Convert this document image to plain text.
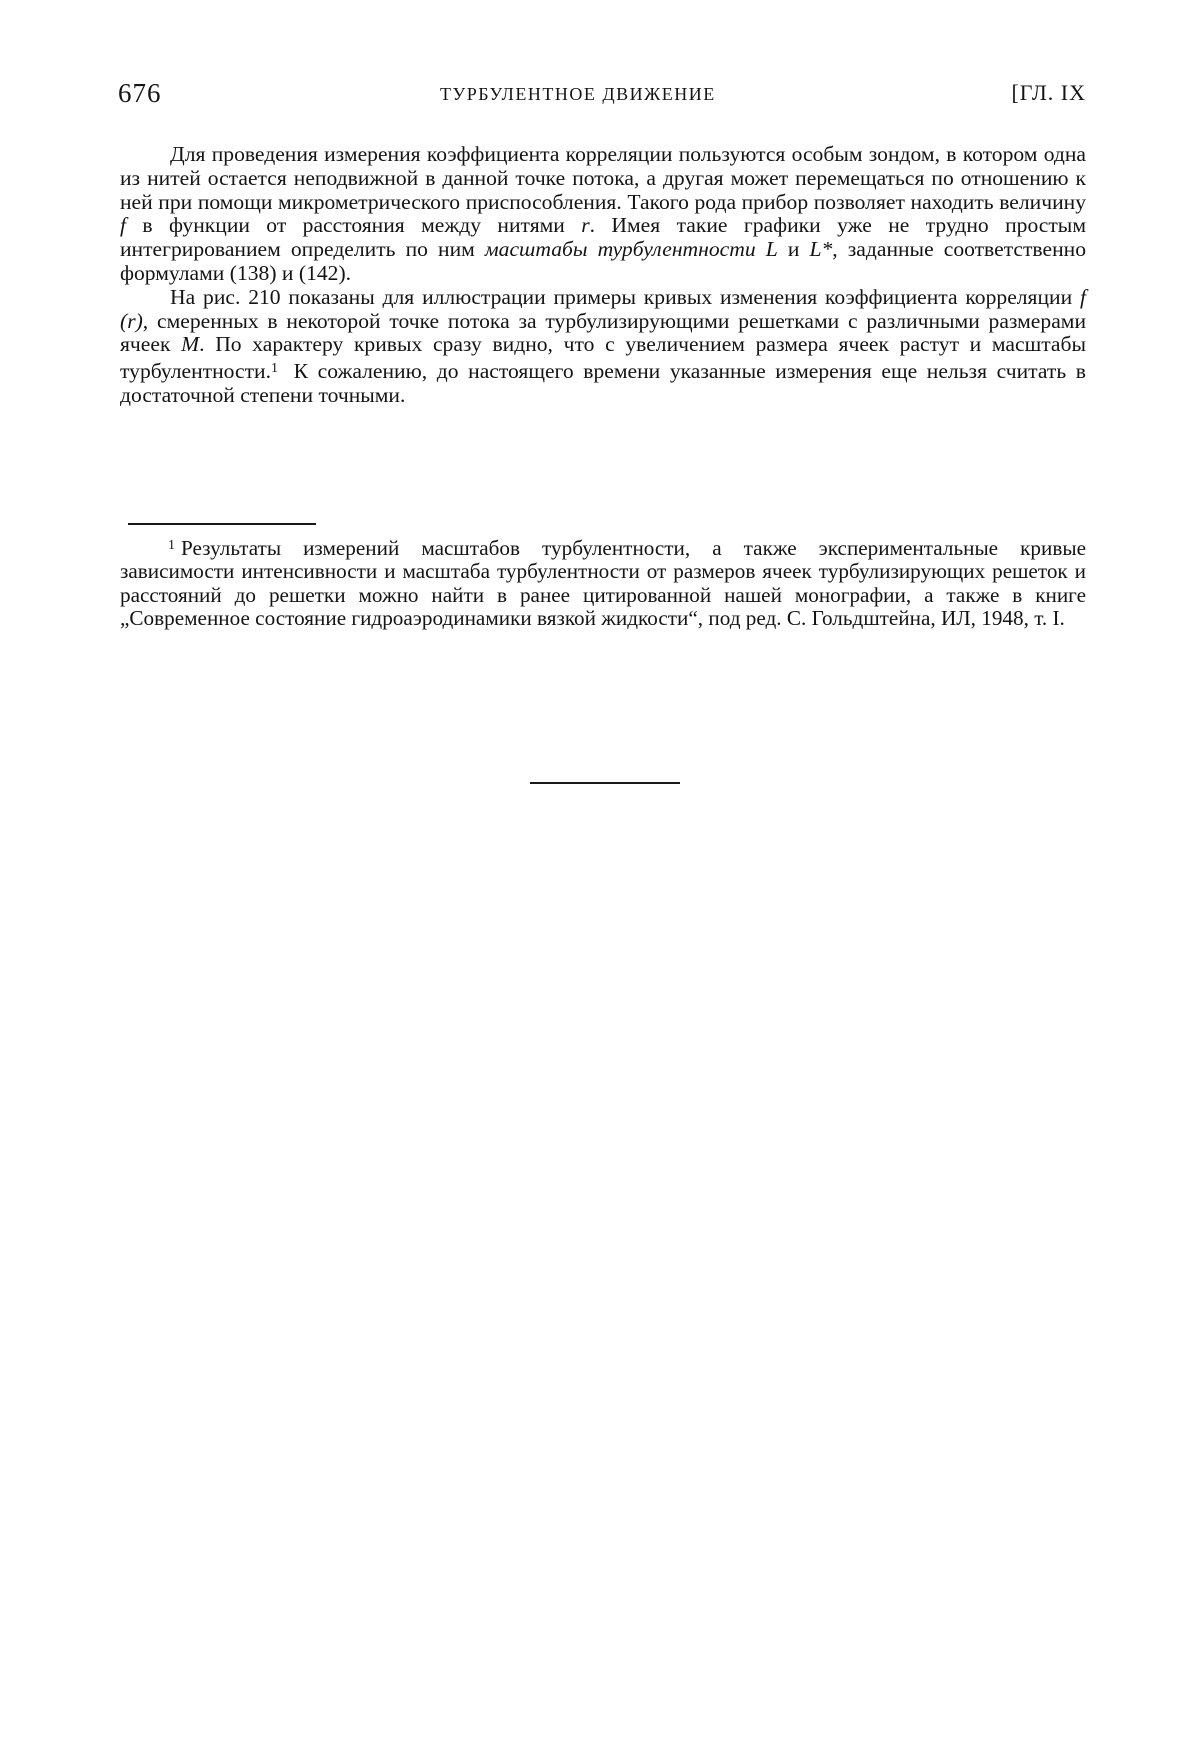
676	ТУРБУЛЕНТНОЕ ДВИЖЕНИЕ	[ГЛ. IX

Для проведения измерения коэффициента корреляции пользуются особым зондом, в котором одна из нитей остается неподвижной в данной точке потока, а другая может перемещаться по отношению к ней при помощи микрометрического приспособления. Такого рода прибор позволяет находить величину f в функции от расстояния между нитями r. Имея такие графики уже не трудно простым интегрированием определить по ним масштабы турбулентности L и L*, заданные соответственно формулами (138) и (142).

На рис. 210 показаны для иллюстрации примеры кривых изменения коэффициента корреляции f (r), смеренных в некоторой точке потока за турбулизирующими решетками с различными размерами ячеек M. По характеру кривых сразу видно, что с увеличением размера ячеек растут и масштабы турбулентности.$^1$ К сожалению, до настоящего времени указанные измерения еще нельзя считать в достаточной степени точными.

$^1$ Результаты измерений масштабов турбулентности, а также экспериментальные кривые зависимости интенсивности и масштаба турбулентности от размеров ячеек турбулизирующих решеток и расстояний до решетки можно найти в ранее цитированной нашей монографии, а также в книге „Современное состояние гидроаэродинамики вязкой жидкости“, под ред. С. Гольдштейна, ИЛ, 1948, т. I.
